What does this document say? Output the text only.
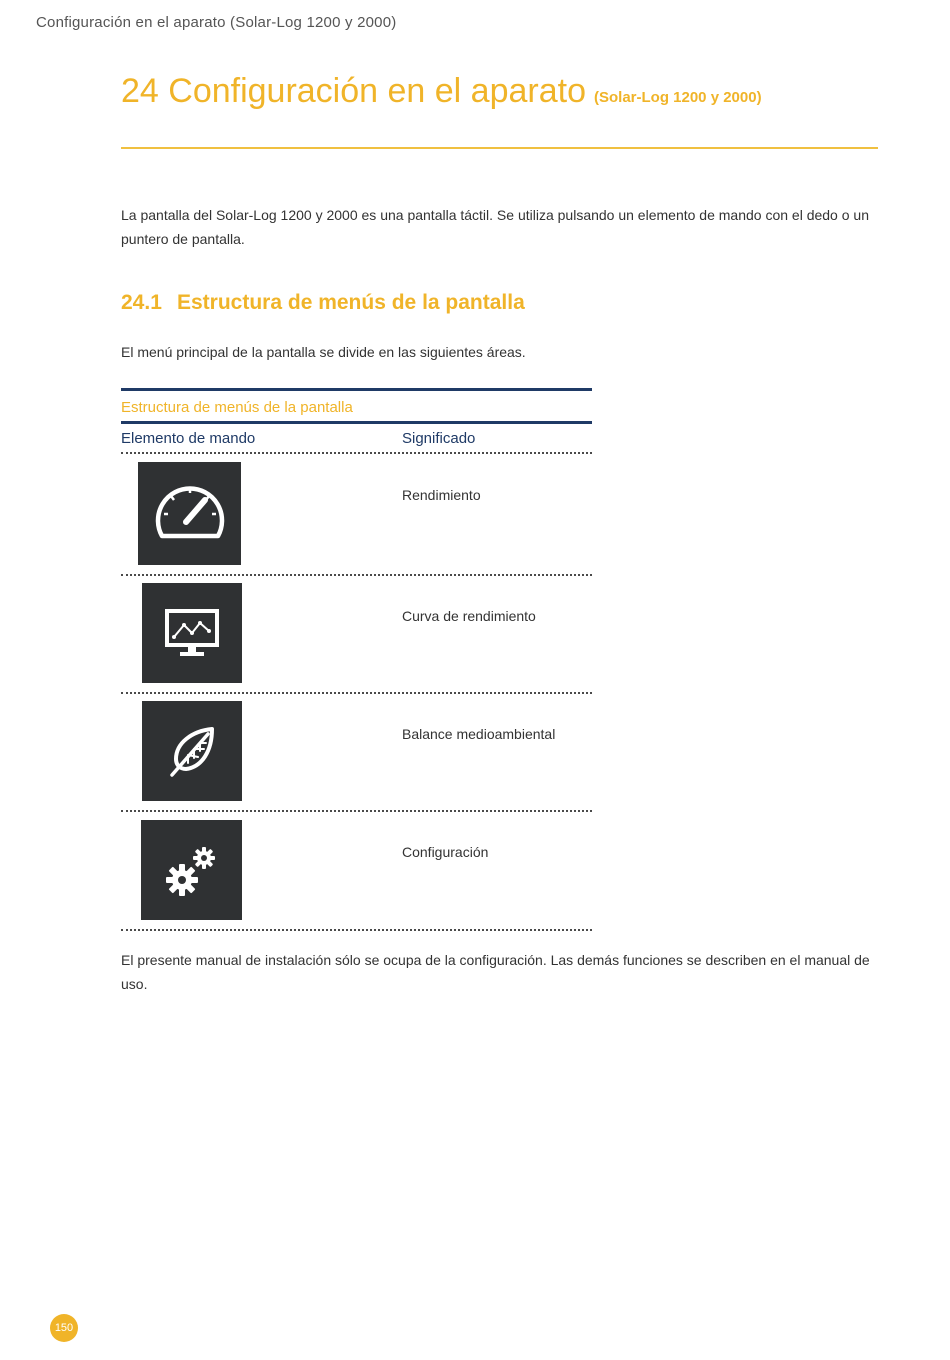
Configuración en el aparato (Solar-Log 1200 y 2000)
24 Configuración en el aparato (Solar-Log 1200 y 2000)

La pantalla del Solar-Log 1200 y 2000 es una pantalla táctil. Se utiliza pulsando un elemento de mando con el dedo o un puntero de pantalla.

24.1 Estructura de menús de la pantalla

El menú principal de la pantalla se divide en las siguientes áreas.

Estructura de menús de la pantalla
Elemento de mando	Significado
Rendimiento
Curva de rendimiento
Balance medioambiental
Configuración

El presente manual de instalación sólo se ocupa de la configuración. Las demás funciones se describen en el manual de uso.

150
